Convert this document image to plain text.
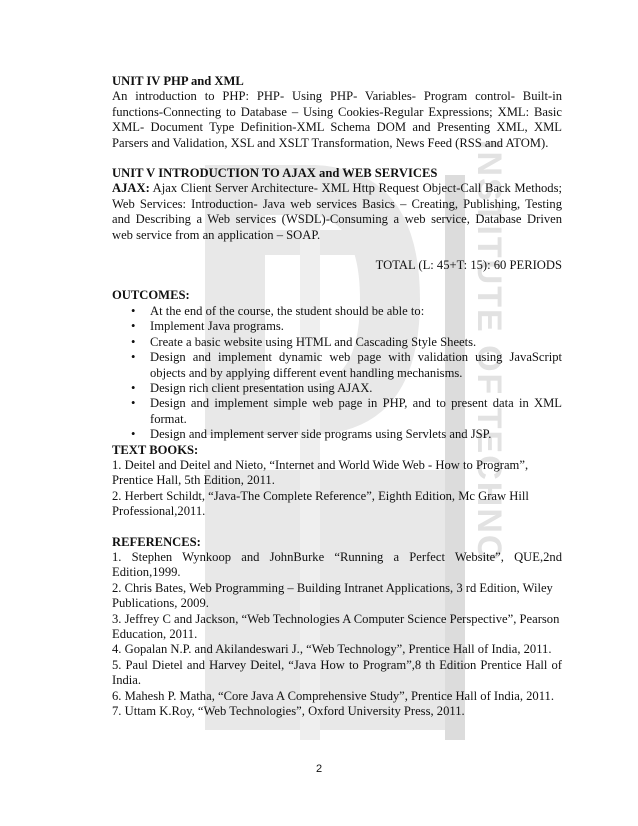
INSTITUTE OF TECHNO

UNIT IV PHP and XML

An introduction to PHP: PHP- Using PHP- Variables- Program control- Built-in functions-Connecting to Database – Using Cookies-Regular Expressions; XML: Basic XML- Document Type Definition-XML Schema DOM and Presenting XML, XML Parsers and Validation, XSL and XSLT Transformation, News Feed (RSS and ATOM).

UNIT V INTRODUCTION TO AJAX and WEB SERVICES

AJAX: Ajax Client Server Architecture- XML Http Request Object-Call Back Methods; Web Services: Introduction- Java web services Basics – Creating, Publishing, Testing and Describing a Web services (WSDL)-Consuming a web service, Database Driven web service from an application – SOAP.

TOTAL (L: 45+T: 15): 60 PERIODS

OUTCOMES:

• At the end of the course, the student should be able to:
• Implement Java programs.
• Create a basic website using HTML and Cascading Style Sheets.
• Design and implement dynamic web page with validation using JavaScript objects and by applying different event handling mechanisms.
• Design rich client presentation using AJAX.
• Design and implement simple web page in PHP, and to present data in XML format.
• Design and implement server side programs using Servlets and JSP.

TEXT BOOKS:

1. Deitel and Deitel and Nieto, “Internet and World Wide Web - How to Program”, Prentice Hall, 5th Edition, 2011.

2. Herbert Schildt, “Java-The Complete Reference”, Eighth Edition, Mc Graw Hill Professional,2011.

REFERENCES:

1. Stephen Wynkoop and JohnBurke “Running a Perfect Website”, QUE,2nd Edition,1999.

2. Chris Bates, Web Programming – Building Intranet Applications, 3 rd Edition, Wiley Publications, 2009.

3. Jeffrey C and Jackson, “Web Technologies A Computer Science Perspective”, Pearson Education, 2011.

4. Gopalan N.P. and Akilandeswari J., “Web Technology”, Prentice Hall of India, 2011.

5. Paul Dietel and Harvey Deitel, “Java How to Program”,8 th Edition Prentice Hall of India.

6. Mahesh P. Matha, “Core Java A Comprehensive Study”, Prentice Hall of India, 2011.

7. Uttam K.Roy, “Web Technologies”, Oxford University Press, 2011.

2
